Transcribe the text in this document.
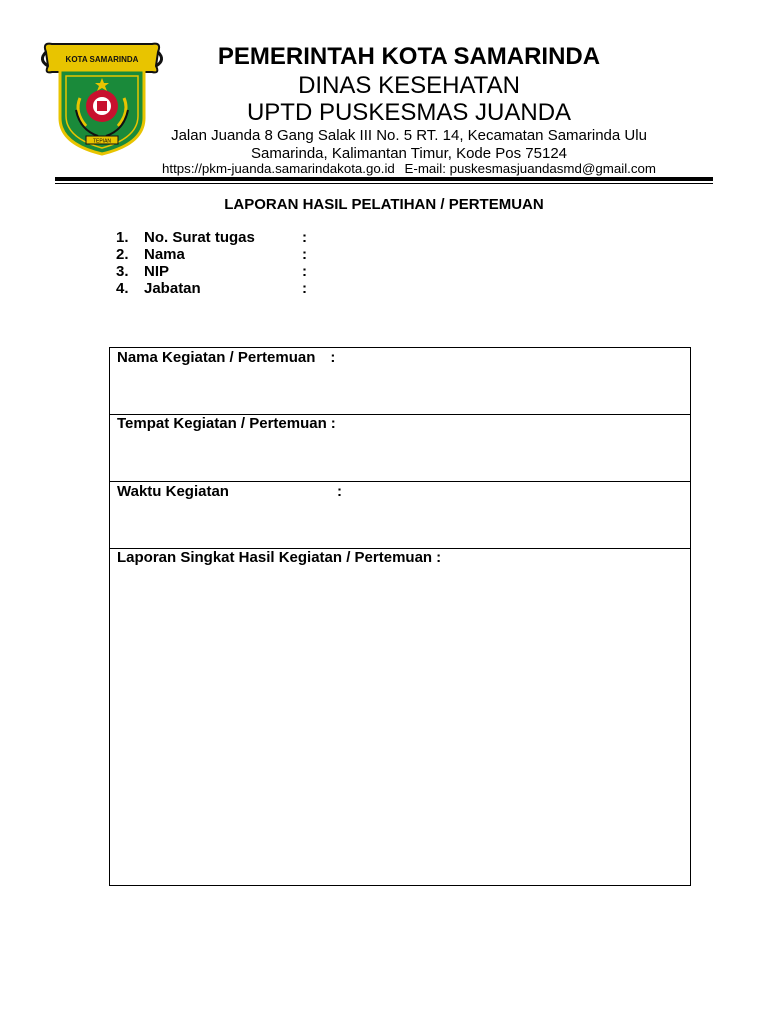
KOTA SAMARINDA
TEPIAN
PEMERINTAH KOTA SAMARINDA
DINAS KESEHATAN
UPTD PUSKESMAS JUANDA
Jalan Juanda 8 Gang Salak III No. 5 RT. 14, Kecamatan Samarinda Ulu
Samarinda, Kalimantan Timur, Kode Pos 75124
https://pkm-juanda.samarindakota.go.id E-mail: puskesmasjuandasmd@gmail.com
LAPORAN HASIL PELATIHAN / PERTEMUAN
1.	No. Surat tugas	:
2.	Nama	:
3.	NIP	:
4.	Jabatan	:
Nama Kegiatan / Pertemuan :
Tempat Kegiatan / Pertemuan :
Waktu Kegiatan	:
Laporan Singkat Hasil Kegiatan / Pertemuan :
